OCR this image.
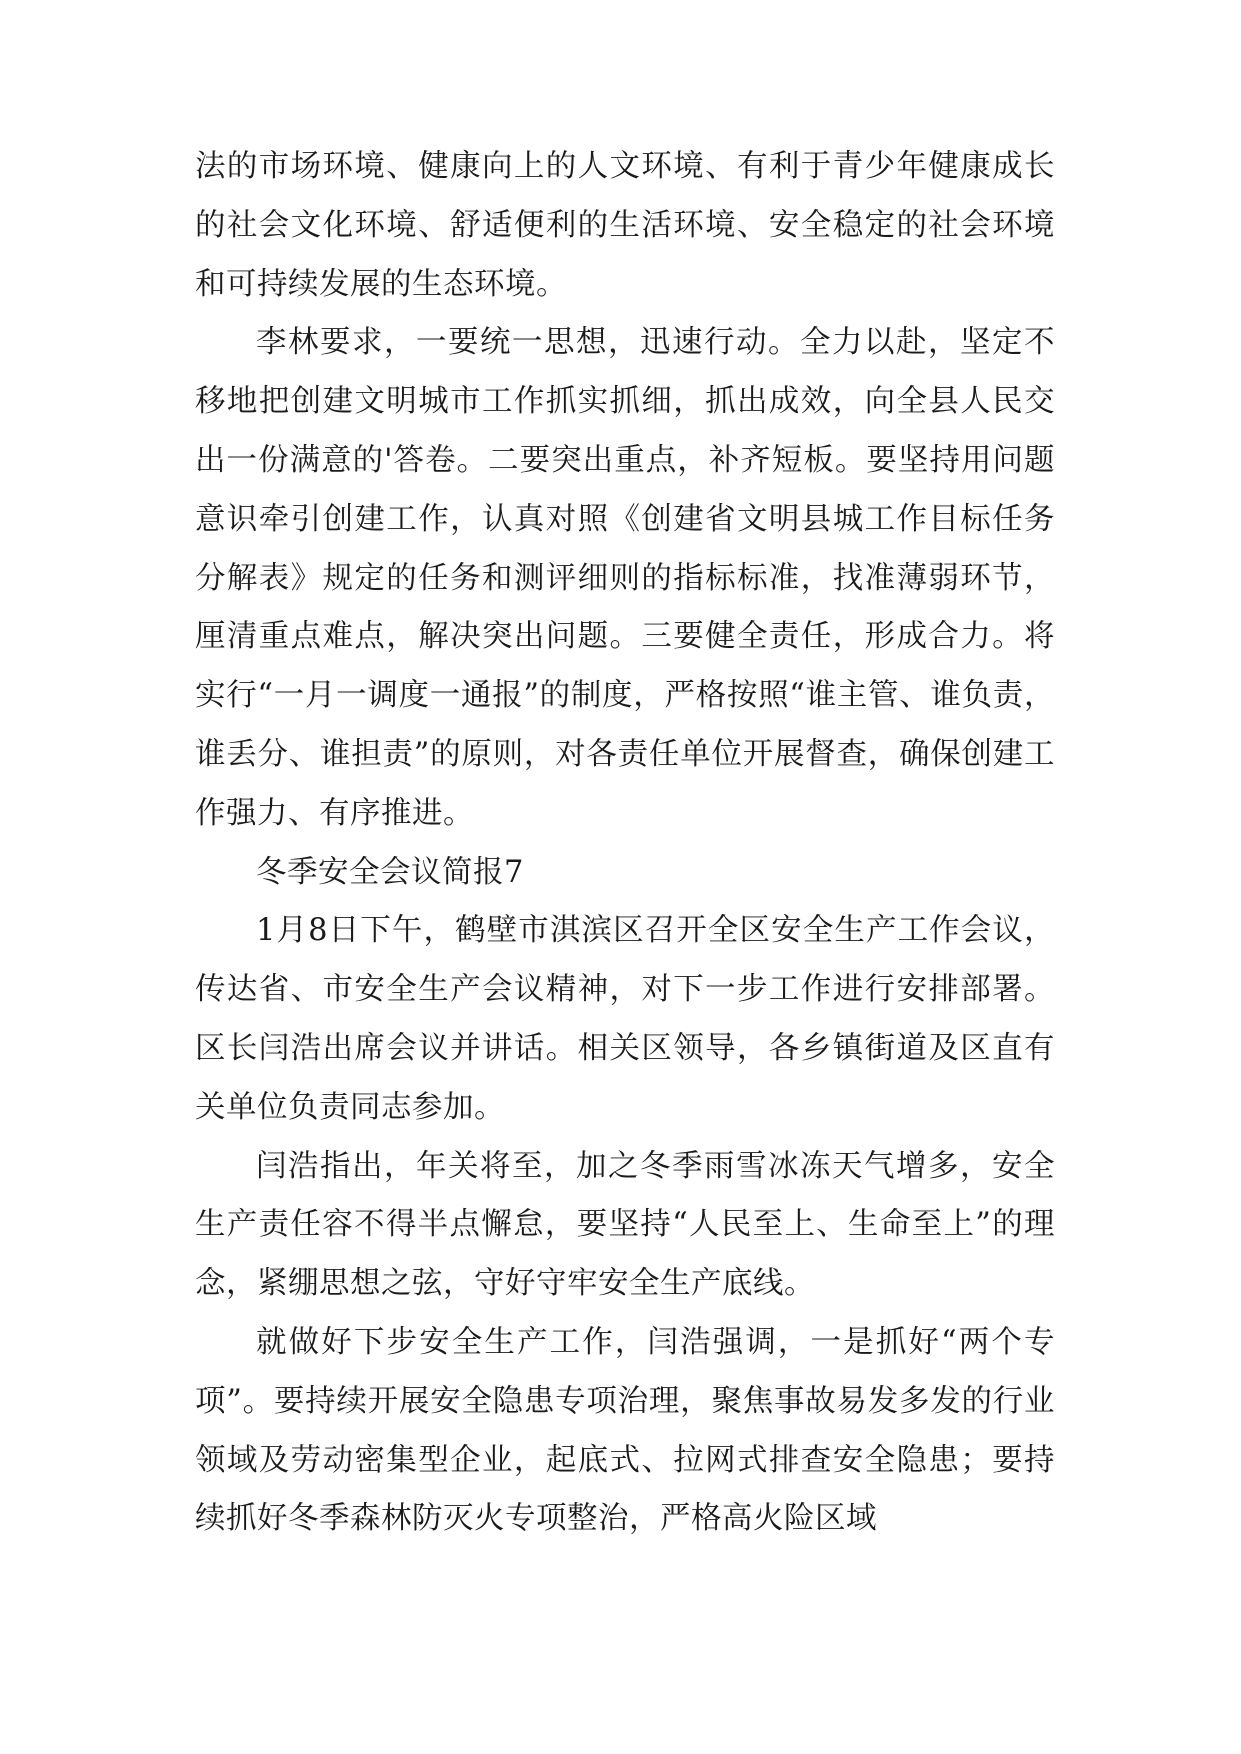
法的市场环境、健康向上的人文环境、有利于青少年健康成长的社会文化环境、舒适便利的生活环境、安全稳定的社会环境和可持续发展的生态环境。

李林要求，一要统一思想，迅速行动。全力以赴，坚定不移地把创建文明城市工作抓实抓细，抓出成效，向全县人民交出一份满意的'答卷。二要突出重点，补齐短板。要坚持用问题意识牵引创建工作，认真对照《创建省文明县城工作目标任务分解表》规定的任务和测评细则的指标标准，找准薄弱环节，厘清重点难点，解决突出问题。三要健全责任，形成合力。将实行“一月一调度一通报”的制度，严格按照“谁主管、谁负责，谁丢分、谁担责”的原则，对各责任单位开展督查，确保创建工作强力、有序推进。

冬季安全会议简报7

1月8日下午，鹤壁市淇滨区召开全区安全生产工作会议，传达省、市安全生产会议精神，对下一步工作进行安排部署。区长闫浩出席会议并讲话。相关区领导，各乡镇街道及区直有关单位负责同志参加。

闫浩指出，年关将至，加之冬季雨雪冰冻天气增多，安全生产责任容不得半点懈怠，要坚持“人民至上、生命至上”的理念，紧绷思想之弦，守好守牢安全生产底线。

就做好下步安全生产工作，闫浩强调，一是抓好“两个专项”。要持续开展安全隐患专项治理，聚焦事故易发多发的行业领域及劳动密集型企业，起底式、拉网式排查安全隐患；要持续抓好冬季森林防灭火专项整治，严格高火险区域
